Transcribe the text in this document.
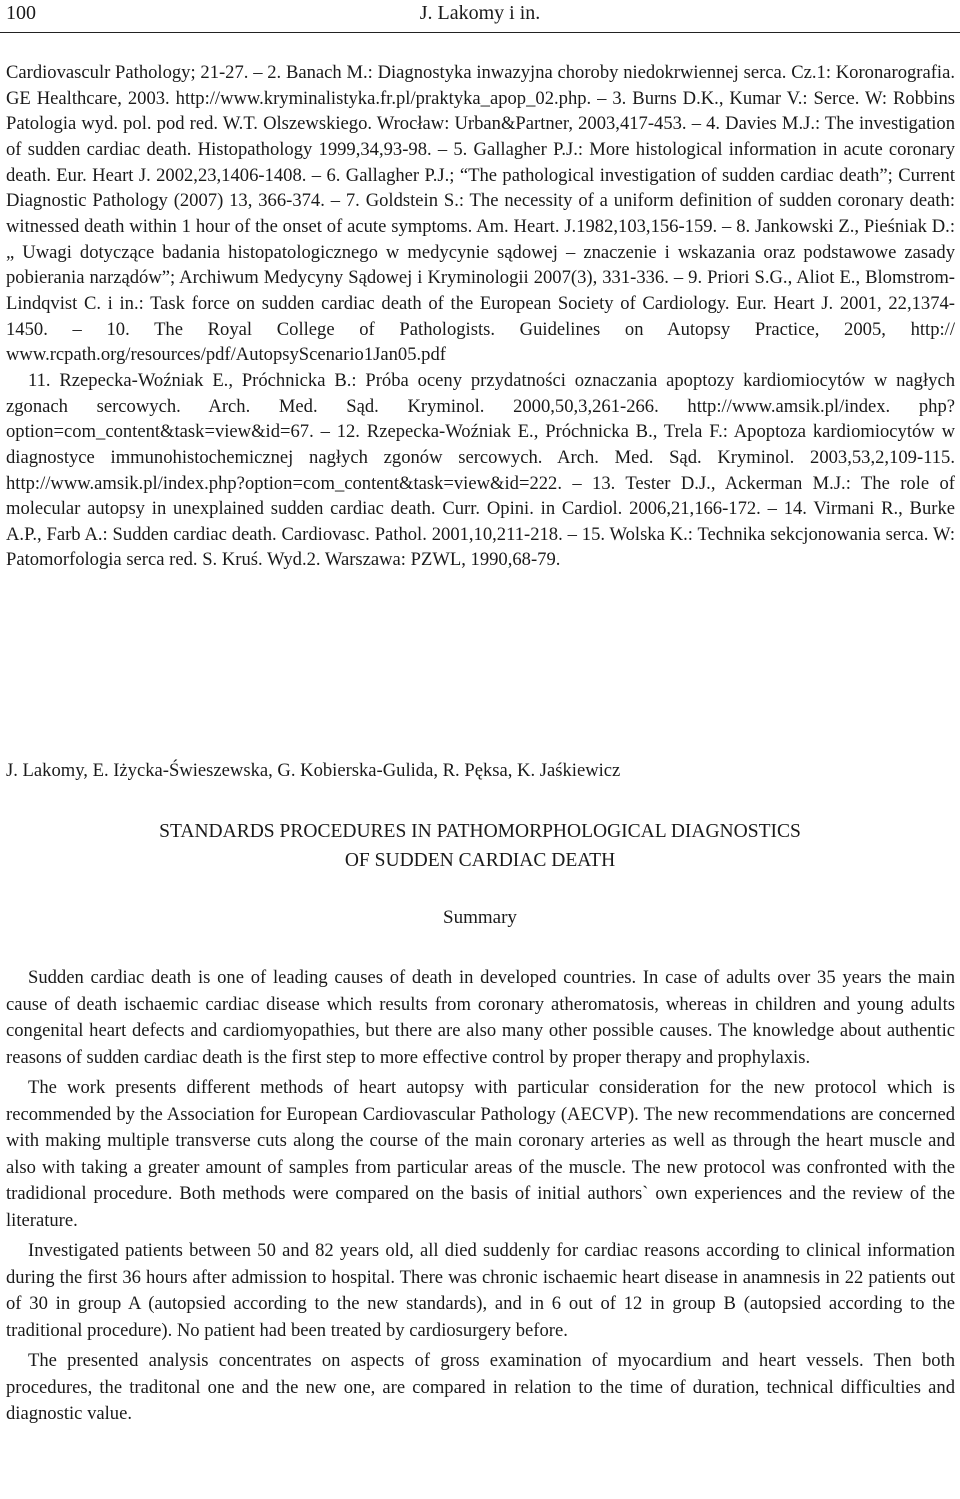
100	J. Lakomy i in.

Cardiovasculr Pathology; 21-27. – 2. Banach M.: Diagnostyka inwazyjna choroby niedokrwiennej serca. Cz.1: Koronarografia. GE Healthcare, 2003. http://www.kryminalistyka.fr.pl/praktyka_apop_02.php. – 3. Burns D.K., Kumar V.: Serce. W: Robbins Patologia wyd. pol. pod red. W.T. Olszewskiego. Wrocław: Urban&Partner, 2003,417-453. – 4. Davies M.J.: The investigation of sudden cardiac death. Histopathology 1999,34,93-98. – 5. Gallagher P.J.: More histological information in acute coronary death. Eur. Heart J. 2002,23,1406-1408. – 6. Gallagher P.J.; “The pathological investigation of sudden cardiac death”; Current Diagnostic Pathology (2007) 13, 366-374. – 7. Goldstein S.: The necessity of a uniform definition of sudden coronary death: witnessed death within 1 hour of the onset of acute symptoms. Am. Heart. J.1982,103,156-159. – 8. Jankowski Z., Pieśniak D.: „ Uwagi dotyczące badania histopatologicznego w medycynie sądowej – znaczenie i wskazania oraz podstawowe zasady pobierania narządów”; Archiwum Medycyny Sądowej i Kryminologii 2007(3), 331-336. – 9. Priori S.G., Aliot E., Blomstrom-Lindqvist C. i in.: Task force on sudden cardiac death of the European Society of Cardiology. Eur. Heart J. 2001, 22,1374-1450. – 10. The Royal College of Pathologists. Guidelines on Autopsy Practice, 2005, http:// www.rcpath.org/resources/pdf/AutopsyScenario1Jan05.pdf

11. Rzepecka-Woźniak E., Próchnicka B.: Próba oceny przydatności oznaczania apoptozy kardiomiocytów w nagłych zgonach sercowych. Arch. Med. Sąd. Kryminol. 2000,50,3,261-266. http://www.amsik.pl/index. php?option=com_content&task=view&id=67. – 12. Rzepecka-Woźniak E., Próchnicka B., Trela F.: Apoptoza kardiomiocytów w diagnostyce immunohistochemicznej nagłych zgonów sercowych. Arch. Med. Sąd. Kryminol. 2003,53,2,109-115. http://www.amsik.pl/index.php?option=com_content&task=view&id=222. – 13. Tester D.J., Ackerman M.J.: The role of molecular autopsy in unexplained sudden cardiac death. Curr. Opini. in Cardiol. 2006,21,166-172. – 14. Virmani R., Burke A.P., Farb A.: Sudden cardiac death. Cardiovasc. Pathol. 2001,10,211-218. – 15. Wolska K.: Technika sekcjonowania serca. W: Patomorfologia serca red. S. Kruś. Wyd.2. Warszawa: PZWL, 1990,68-79.

J. Lakomy, E. Iżycka-Świeszewska, G. Kobierska-Gulida, R. Pęksa, K. Jaśkiewicz
STANDARDS PROCEDURES IN PATHOMORPHOLOGICAL DIAGNOSTICS
OF SUDDEN CARDIAC DEATH
Summary

Sudden cardiac death is one of leading causes of death in developed countries. In case of adults over 35 years the main cause of death ischaemic cardiac disease which results from coronary atheromatosis, whereas in children and young adults congenital heart defects and cardiomyopathies, but there are also many other possible causes. The knowledge about authentic reasons of sudden cardiac death is the first step to more effective control by proper therapy and prophylaxis.

The work presents different methods of heart autopsy with particular consideration for the new protocol which is recommended by the Association for European Cardiovascular Pathology (AECVP). The new recommendations are concerned with making multiple transverse cuts along the course of the main coronary arteries as well as through the heart muscle and also with taking a greater amount of samples from particular areas of the muscle. The new protocol was confronted with the tradidional procedure. Both methods were compared on the basis of initial authors` own experiences and the review of the literature.

Investigated patients between 50 and 82 years old, all died suddenly for cardiac reasons according to clinical information during the first 36 hours after admission to hospital. There was chronic ischaemic heart disease in anamnesis in 22 patients out of 30 in group A (autopsied according to the new standards), and in 6 out of 12 in group B (autopsied according to the traditional procedure). No patient had been treated by cardiosurgery before.

The presented analysis concentrates on aspects of gross examination of myocardium and heart vessels. Then both procedures, the traditonal one and the new one, are compared in relation to the time of duration, technical difficulties and diagnostic value.
